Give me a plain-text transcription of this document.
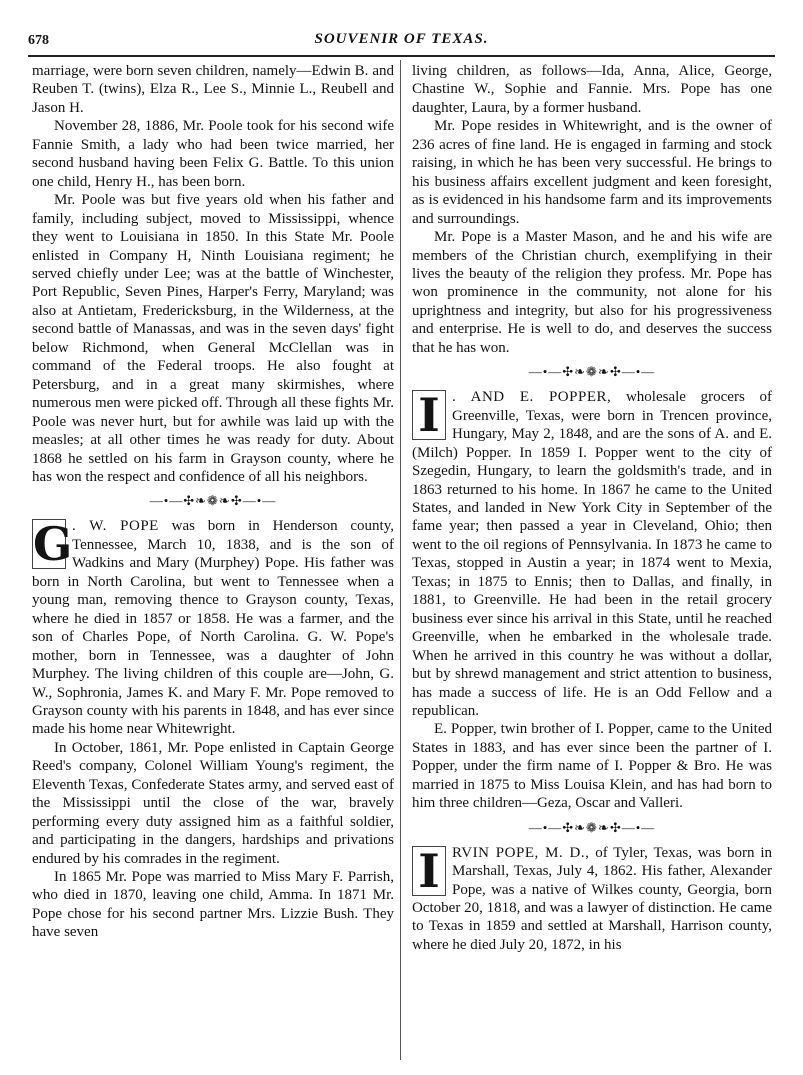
678	SOUVENIR OF TEXAS.

marriage, were born seven children, namely—Edwin B. and Reuben T. (twins), Elza R., Lee S., Minnie L., Reubell and Jason H.

November 28, 1886, Mr. Poole took for his second wife Fannie Smith, a lady who had been twice married, her second husband having been Felix G. Battle. To this union one child, Henry H., has been born.

Mr. Poole was but five years old when his father and family, including subject, moved to Mississippi, whence they went to Louisiana in 1850. In this State Mr. Poole enlisted in Company H, Ninth Louisiana regiment; he served chiefly under Lee; was at the battle of Winchester, Port Republic, Seven Pines, Harper's Ferry, Maryland; was also at Antietam, Fredericksburg, in the Wilderness, at the second battle of Manassas, and was in the seven days' fight below Richmond, when General McClellan was in command of the Federal troops. He also fought at Petersburg, and in a great many skirmishes, where numerous men were picked off. Through all these fights Mr. Poole was never hurt, but for awhile was laid up with the measles; at all other times he was ready for duty. About 1868 he settled on his farm in Grayson county, where he has won the respect and confidence of all his neighbors.

—•—✣❧❁❧✣—•—

G . W. POPE was born in Henderson county, Tennessee, March 10, 1838, and is the son of Wadkins and Mary (Murphey) Pope. His father was born in North Carolina, but went to Tennessee when a young man, removing thence to Grayson county, Texas, where he died in 1857 or 1858. He was a farmer, and the son of Charles Pope, of North Carolina. G. W. Pope's mother, born in Tennessee, was a daughter of John Murphey. The living children of this couple are—John, G. W., Sophronia, James K. and Mary F. Mr. Pope removed to Grayson county with his parents in 1848, and has ever since made his home near Whitewright.

In October, 1861, Mr. Pope enlisted in Captain George Reed's company, Colonel William Young's regiment, the Eleventh Texas, Confederate States army, and served east of the Mississippi until the close of the war, bravely performing every duty assigned him as a faithful soldier, and participating in the dangers, hardships and privations endured by his comrades in the regiment.

In 1865 Mr. Pope was married to Miss Mary F. Parrish, who died in 1870, leaving one child, Amma. In 1871 Mr. Pope chose for his second partner Mrs. Lizzie Bush. They have seven

living children, as follows—Ida, Anna, Alice, George, Chastine W., Sophie and Fannie. Mrs. Pope has one daughter, Laura, by a former husband.

Mr. Pope resides in Whitewright, and is the owner of 236 acres of fine land. He is engaged in farming and stock raising, in which he has been very successful. He brings to his business affairs excellent judgment and keen foresight, as is evidenced in his handsome farm and its improvements and surroundings.

Mr. Pope is a Master Mason, and he and his wife are members of the Christian church, exemplifying in their lives the beauty of the religion they profess. Mr. Pope has won prominence in the community, not alone for his uprightness and integrity, but also for his progressiveness and enterprise. He is well to do, and deserves the success that he has won.

—•—✣❧❁❧✣—•—

I . AND E. POPPER, wholesale grocers of Greenville, Texas, were born in Trencen province, Hungary, May 2, 1848, and are the sons of A. and E. (Milch) Popper. In 1859 I. Popper went to the city of Szegedin, Hungary, to learn the goldsmith's trade, and in 1863 returned to his home. In 1867 he came to the United States, and landed in New York City in September of the fame year; then passed a year in Cleveland, Ohio; then went to the oil regions of Pennsylvania. In 1873 he came to Texas, stopped in Austin a year; in 1874 went to Mexia, Texas; in 1875 to Ennis; then to Dallas, and finally, in 1881, to Greenville. He had been in the retail grocery business ever since his arrival in this State, until he reached Greenville, when he embarked in the wholesale trade. When he arrived in this country he was without a dollar, but by shrewd management and strict attention to business, has made a success of life. He is an Odd Fellow and a republican.

E. Popper, twin brother of I. Popper, came to the United States in 1883, and has ever since been the partner of I. Popper, under the firm name of I. Popper & Bro. He was married in 1875 to Miss Louisa Klein, and has had born to him three children—Geza, Oscar and Valleri.

—•—✣❧❁❧✣—•—

I RVIN POPE, M. D., of Tyler, Texas, was born in Marshall, Texas, July 4, 1862. His father, Alexander Pope, was a native of Wilkes county, Georgia, born October 20, 1818, and was a lawyer of distinction. He came to Texas in 1859 and settled at Marshall, Harrison county, where he died July 20, 1872, in his
